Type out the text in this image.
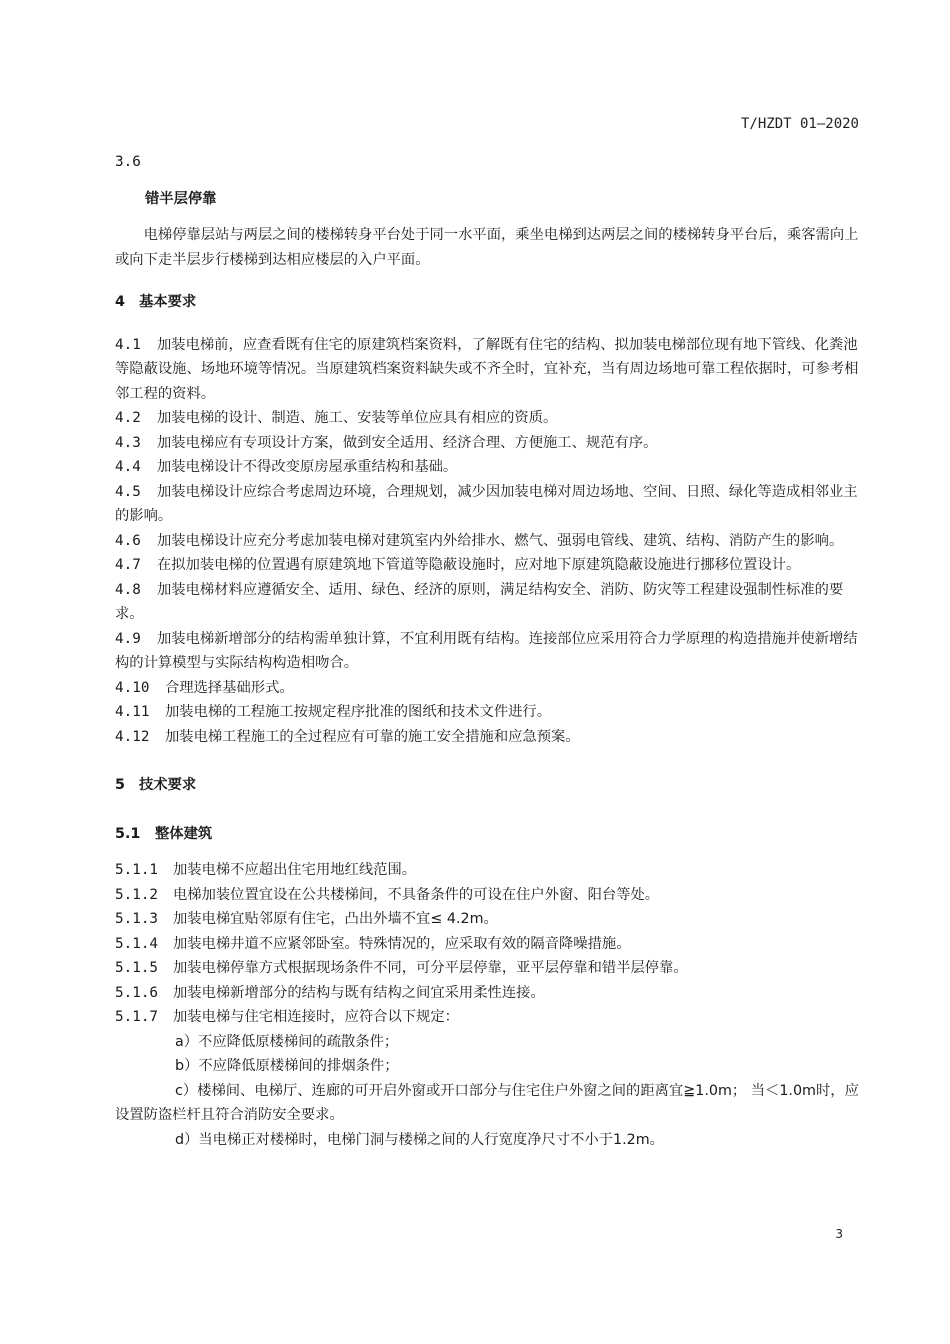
T/HZDT 01—2020
3.6
错半层停靠

电梯停靠层站与两层之间的楼梯转身平台处于同一水平面，乘坐电梯到达两层之间的楼梯转身平台后，乘客需向上或向下走半层步行楼梯到达相应楼层的入户平面。

4 基本要求

4.1 加装电梯前，应查看既有住宅的原建筑档案资料，了解既有住宅的结构、拟加装电梯部位现有地下管线、化粪池等隐蔽设施、场地环境等情况。当原建筑档案资料缺失或不齐全时，宜补充，当有周边场地可靠工程依据时，可参考相邻工程的资料。

4.2 加装电梯的设计、制造、施工、安装等单位应具有相应的资质。

4.3 加装电梯应有专项设计方案，做到安全适用、经济合理、方便施工、规范有序。

4.4 加装电梯设计不得改变原房屋承重结构和基础。

4.5 加装电梯设计应综合考虑周边环境，合理规划，减少因加装电梯对周边场地、空间、日照、绿化等造成相邻业主的影响。

4.6 加装电梯设计应充分考虑加装电梯对建筑室内外给排水、燃气、强弱电管线、建筑、结构、消防产生的影响。

4.7 在拟加装电梯的位置遇有原建筑地下管道等隐蔽设施时，应对地下原建筑隐蔽设施进行挪移位置设计。

4.8 加装电梯材料应遵循安全、适用、绿色、经济的原则，满足结构安全、消防、防灾等工程建设强制性标准的要求。

4.9 加装电梯新增部分的结构需单独计算，不宜利用既有结构。连接部位应采用符合力学原理的构造措施并使新增结构的计算模型与实际结构构造相吻合。

4.10 合理选择基础形式。

4.11 加装电梯的工程施工按规定程序批准的图纸和技术文件进行。

4.12 加装电梯工程施工的全过程应有可靠的施工安全措施和应急预案。

5 技术要求
5.1 整体建筑

5.1.1 加装电梯不应超出住宅用地红线范围。

5.1.2 电梯加装位置宜设在公共楼梯间，不具备条件的可设在住户外窗、阳台等处。

5.1.3 加装电梯宜贴邻原有住宅，凸出外墙不宜≤ 4.2m。

5.1.4 加装电梯井道不应紧邻卧室。特殊情况的，应采取有效的隔音降噪措施。

5.1.5 加装电梯停靠方式根据现场条件不同，可分平层停靠，亚平层停靠和错半层停靠。

5.1.6 加装电梯新增部分的结构与既有结构之间宜采用柔性连接。

5.1.7 加装电梯与住宅相连接时，应符合以下规定：

a）不应降低原楼梯间的疏散条件；

b）不应降低原楼梯间的排烟条件；

c）楼梯间、电梯厅、连廊的可开启外窗或开口部分与住宅住户外窗之间的距离宜≧1.0m； 当＜1.0m时，应设置防盗栏杆且符合消防安全要求。

d）当电梯正对楼梯时，电梯门洞与楼梯之间的人行宽度净尺寸不小于1.2m。

3
